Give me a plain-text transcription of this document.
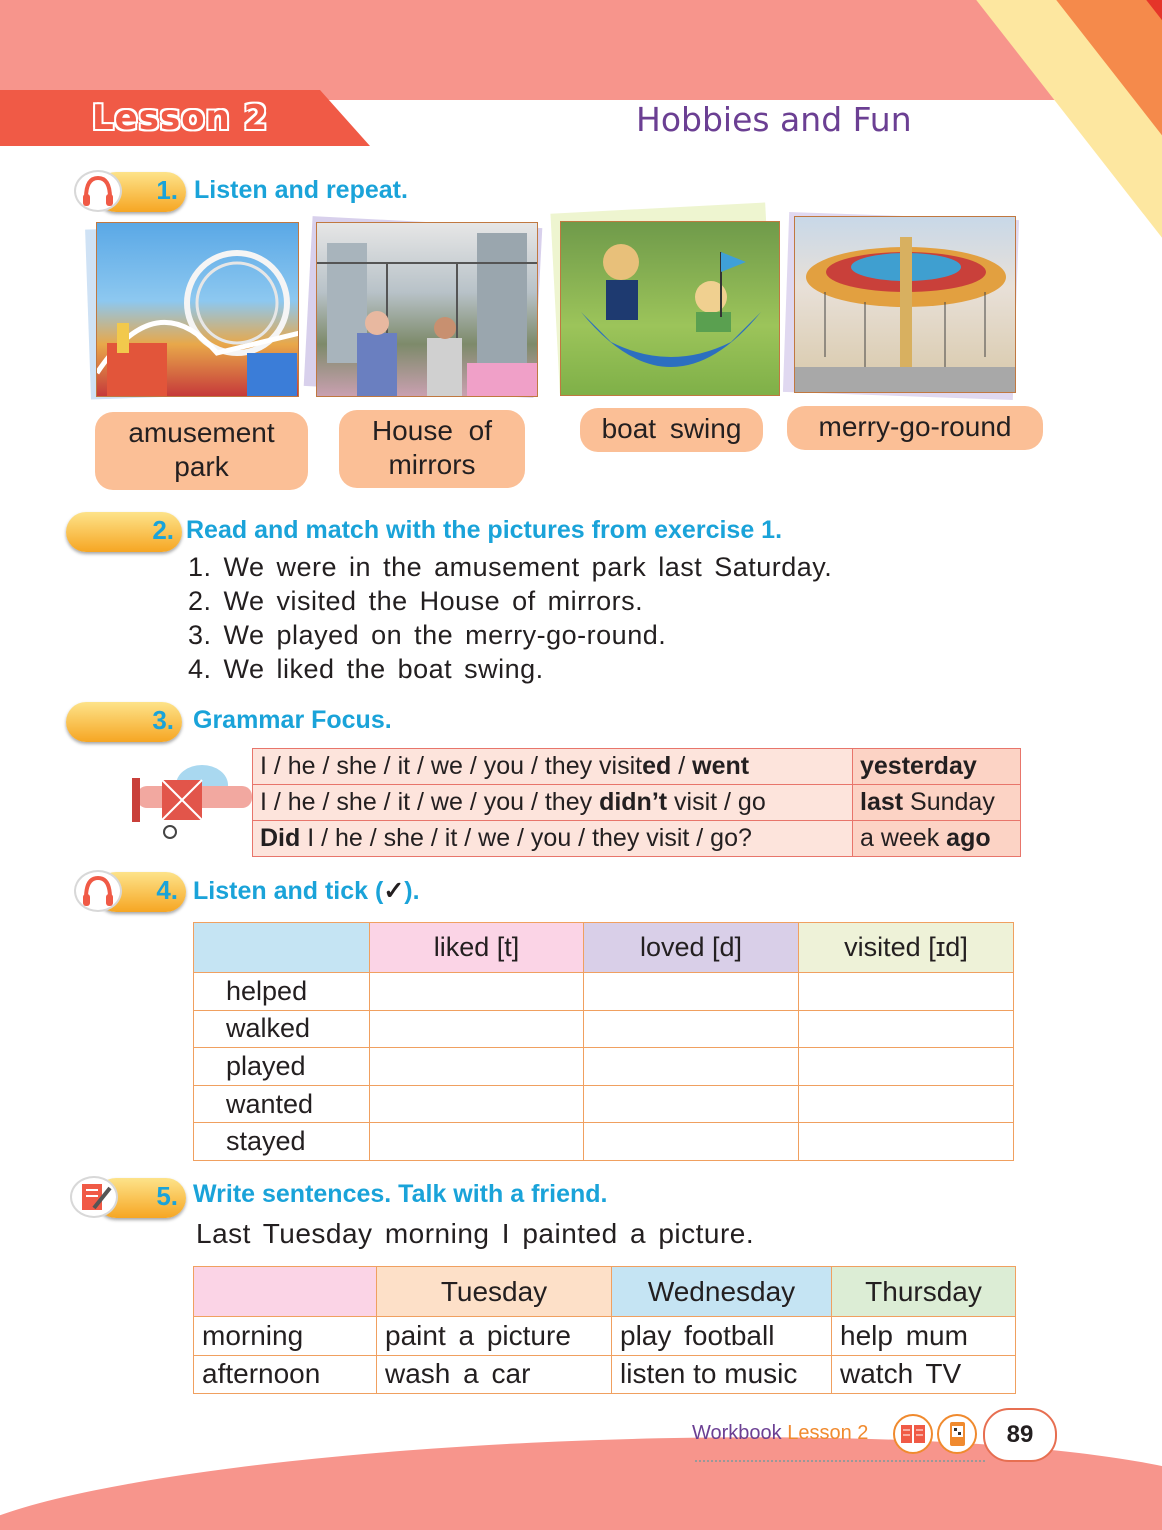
Lesson 2	Hobbies and Fun
1. Listen and repeat.
amusement
park
House of
mirrors
boat swing	merry-go-round
2. Read and match with the pictures from exercise 1.
1. We were in the amusement park last Saturday.
2. We visited the House of mirrors.
3. We played on the merry-go-round.
4. We liked the boat swing.
3. Grammar Focus.
I / he / she / it / we / you / they visited / went	yesterday
I / he / she / it / we / you / they didn’t visit / go	last Sunday
Did I / he / she / it / we / you / they visit / go?	a week ago
4. Listen and tick (✓).
	liked [t]	loved [d]	visited [ɪd]
helped			
walked			
played			
wanted			
stayed			
5. Write sentences. Talk with a friend.
Last Tuesday morning I painted a picture.
	Tuesday	Wednesday	Thursday
morning	paint a picture	play football	help mum
afternoon	wash a car	listen to music	watch TV
Workbook Lesson 2	89
